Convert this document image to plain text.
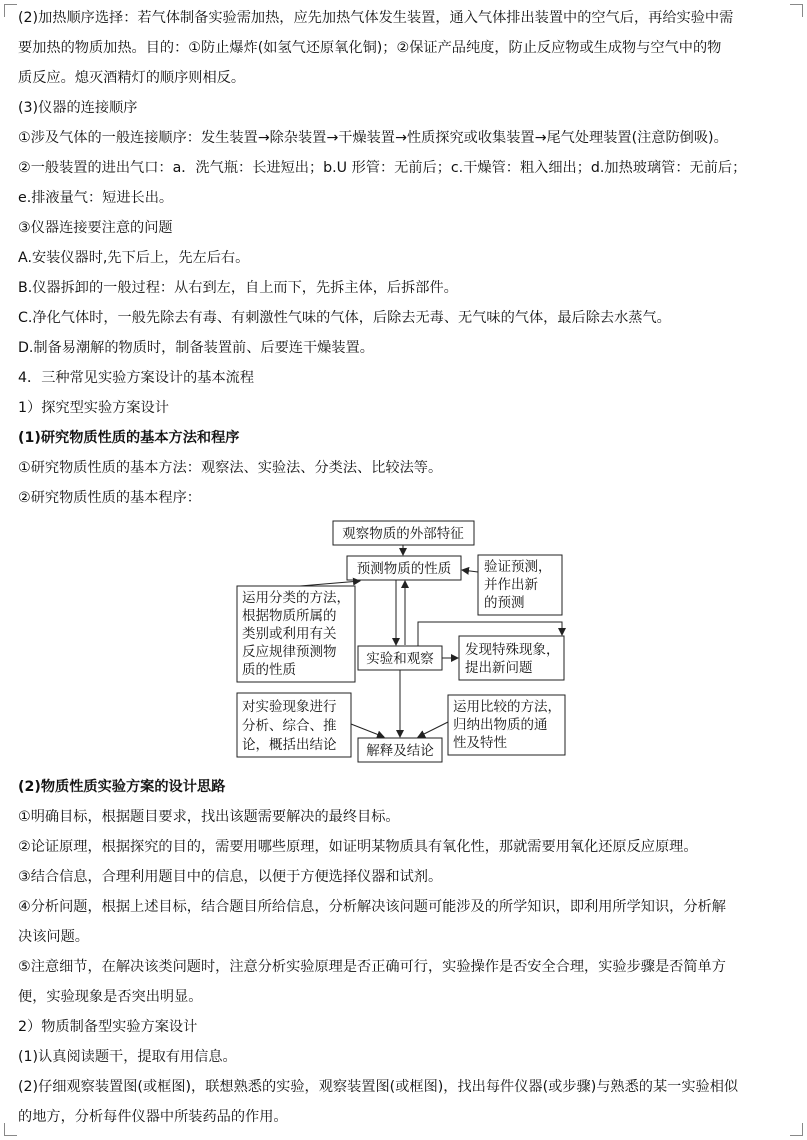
(2)加热顺序选择：若气体制备实验需加热，应先加热气体发生装置，通入气体排出装置中的空气后，再给实验中需
要加热的物质加热。目的：①防止爆炸(如氢气还原氧化铜)；②保证产品纯度，防止反应物或生成物与空气中的物
质反应。熄灭酒精灯的顺序则相反。
(3)仪器的连接顺序
①涉及气体的一般连接顺序：发生装置→除杂装置→干燥装置→性质探究或收集装置→尾气处理装置(注意防倒吸)。
②一般装置的进出气口：a．洗气瓶：长进短出；b.U 形管：无前后；c.干燥管：粗入细出；d.加热玻璃管：无前后；
e.排液量气：短进长出。
③仪器连接要注意的问题
A.安装仪器时,先下后上，先左后右。
B.仪器拆卸的一般过程：从右到左，自上而下，先拆主体，后拆部件。
C.净化气体时，一般先除去有毒、有刺激性气味的气体，后除去无毒、无气味的气体，最后除去水蒸气。
D.制备易潮解的物质时，制备装置前、后要连干燥装置。
4．三种常见实验方案设计的基本流程
1）探究型实验方案设计
(1)研究物质性质的基本方法和程序
①研究物质性质的基本方法：观察法、实验法、分类法、比较法等。
②研究物质性质的基本程序：
观察物质的外部特征
预测物质的性质 验证预测，
并作出新
的预测
运用分类的方法，
根据物质所属的
类别或利用有关
反应规律预测物
质的性质
实验和观察
发现特殊现象，
提出新问题
对实验现象进行
分析、综合、推
论，概括出结论
运用比较的方法，
归纳出物质的通
性及特性
解释及结论
(2)物质性质实验方案的设计思路
①明确目标，根据题目要求，找出该题需要解决的最终目标。
②论证原理，根据探究的目的，需要用哪些原理，如证明某物质具有氧化性，那就需要用氧化还原反应原理。
③结合信息，合理利用题目中的信息，以便于方便选择仪器和试剂。
④分析问题，根据上述目标，结合题目所给信息，分析解决该问题可能涉及的所学知识，即利用所学知识，分析解
决该问题。
⑤注意细节，在解决该类问题时，注意分析实验原理是否正确可行，实验操作是否安全合理，实验步骤是否简单方
便，实验现象是否突出明显。
2）物质制备型实验方案设计
(1)认真阅读题干，提取有用信息。
(2)仔细观察装置图(或框图)，联想熟悉的实验，观察装置图(或框图)，找出每件仪器(或步骤)与熟悉的某一实验相似
的地方，分析每件仪器中所装药品的作用。
